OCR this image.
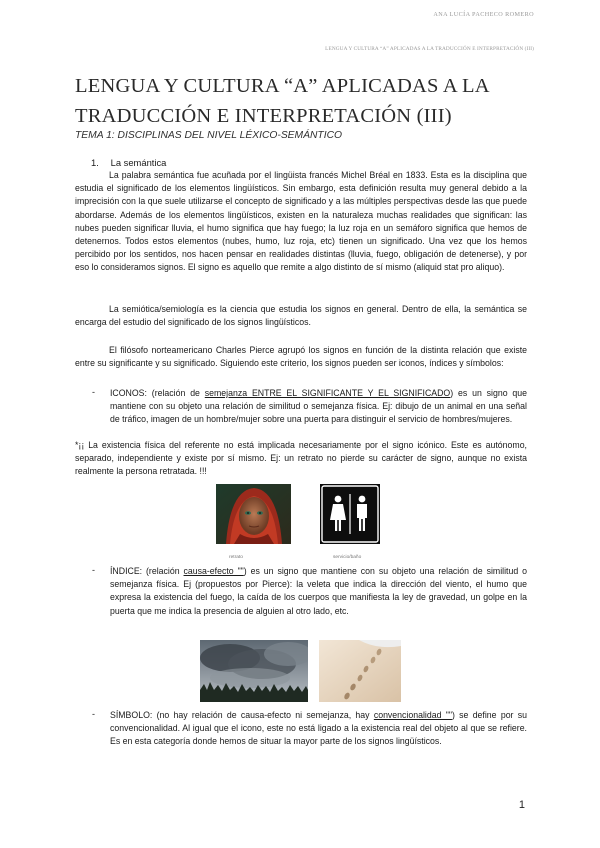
ANA LUCÍA PACHECO ROMERO
LENGUA Y CULTURA “A” APLICADAS A LA TRADUCCIÓN E INTERPRETACIÓN (III)
LENGUA Y CULTURA “A” APLICADAS A LA TRADUCCIÓN E INTERPRETACIÓN (III)
TEMA 1: DISCIPLINAS DEL NIVEL LÉXICO-SEMÁNTICO
1. La semántica

La palabra semántica fue acuñada por el lingüista francés Michel Bréal en 1833. Esta es la disciplina que estudia el significado de los elementos lingüísticos. Sin embargo, esta definición resulta muy general debido a la imprecisión con la que suele utilizarse el concepto de significado y a las múltiples perspectivas desde las que puede abordarse. Además de los elementos lingüísticos, existen en la naturaleza muchas realidades que significan: las nubes pueden significar lluvia, el humo significa que hay fuego; la luz roja en un semáforo significa que hemos de detenernos. Todos estos elementos (nubes, humo, luz roja, etc) tienen un significado. Una vez que los hemos percibido por los sentidos, nos hacen pensar en realidades distintas (lluvia, fuego, obligación de detenerse), y por eso lo consideramos signos. El signo es aquello que remite a algo distinto de sí mismo (aliquid stat pro aliquo).

La semiótica/semiología es la ciencia que estudia los signos en general. Dentro de ella, la semántica se encarga del estudio del significado de los signos lingüísticos.

El filósofo norteamericano Charles Pierce agrupó los signos en función de la distinta relación que existe entre su significante y su significado. Siguiendo este criterio, los signos pueden ser iconos, índices y símbolos:

- ICONOS: (relación de semejanza ENTRE EL SIGNIFICANTE Y EL SIGNIFICADO) es un signo que mantiene con su objeto una relación de similitud o semejanza física. Ej: dibujo de un animal en una señal de tráfico, imagen de un hombre/mujer sobre una puerta para distinguir el servicio de hombres/mujeres.

*¡¡ La existencia física del referente no está implicada necesariamente por el signo icónico. Este es autónomo, separado, independiente y existe por sí mismo. Ej: un retrato no pierde su carácter de signo, aunque no exista realmente la persona retratada. !!!

retrato	servicio/baño
- ÍNDICE: (relación causa-efecto "") es un signo que mantiene con su objeto una relación de similitud o semejanza física. Ej (propuestos por Pierce): la veleta que indica la dirección del viento, el humo que expresa la existencia del fuego, la caída de los cuerpos que manifiesta la ley de gravedad, un golpe en la puerta que me indica la presencia de alguien al otro lado, etc.
- SÍMBOLO: (no hay relación de causa-efecto ni semejanza, hay convencionalidad "") se define por su convencionalidad. Al igual que el icono, este no está ligado a la existencia real del objeto al que se refiere. Es en esta categoría donde hemos de situar la mayor parte de los signos lingüísticos.
1
